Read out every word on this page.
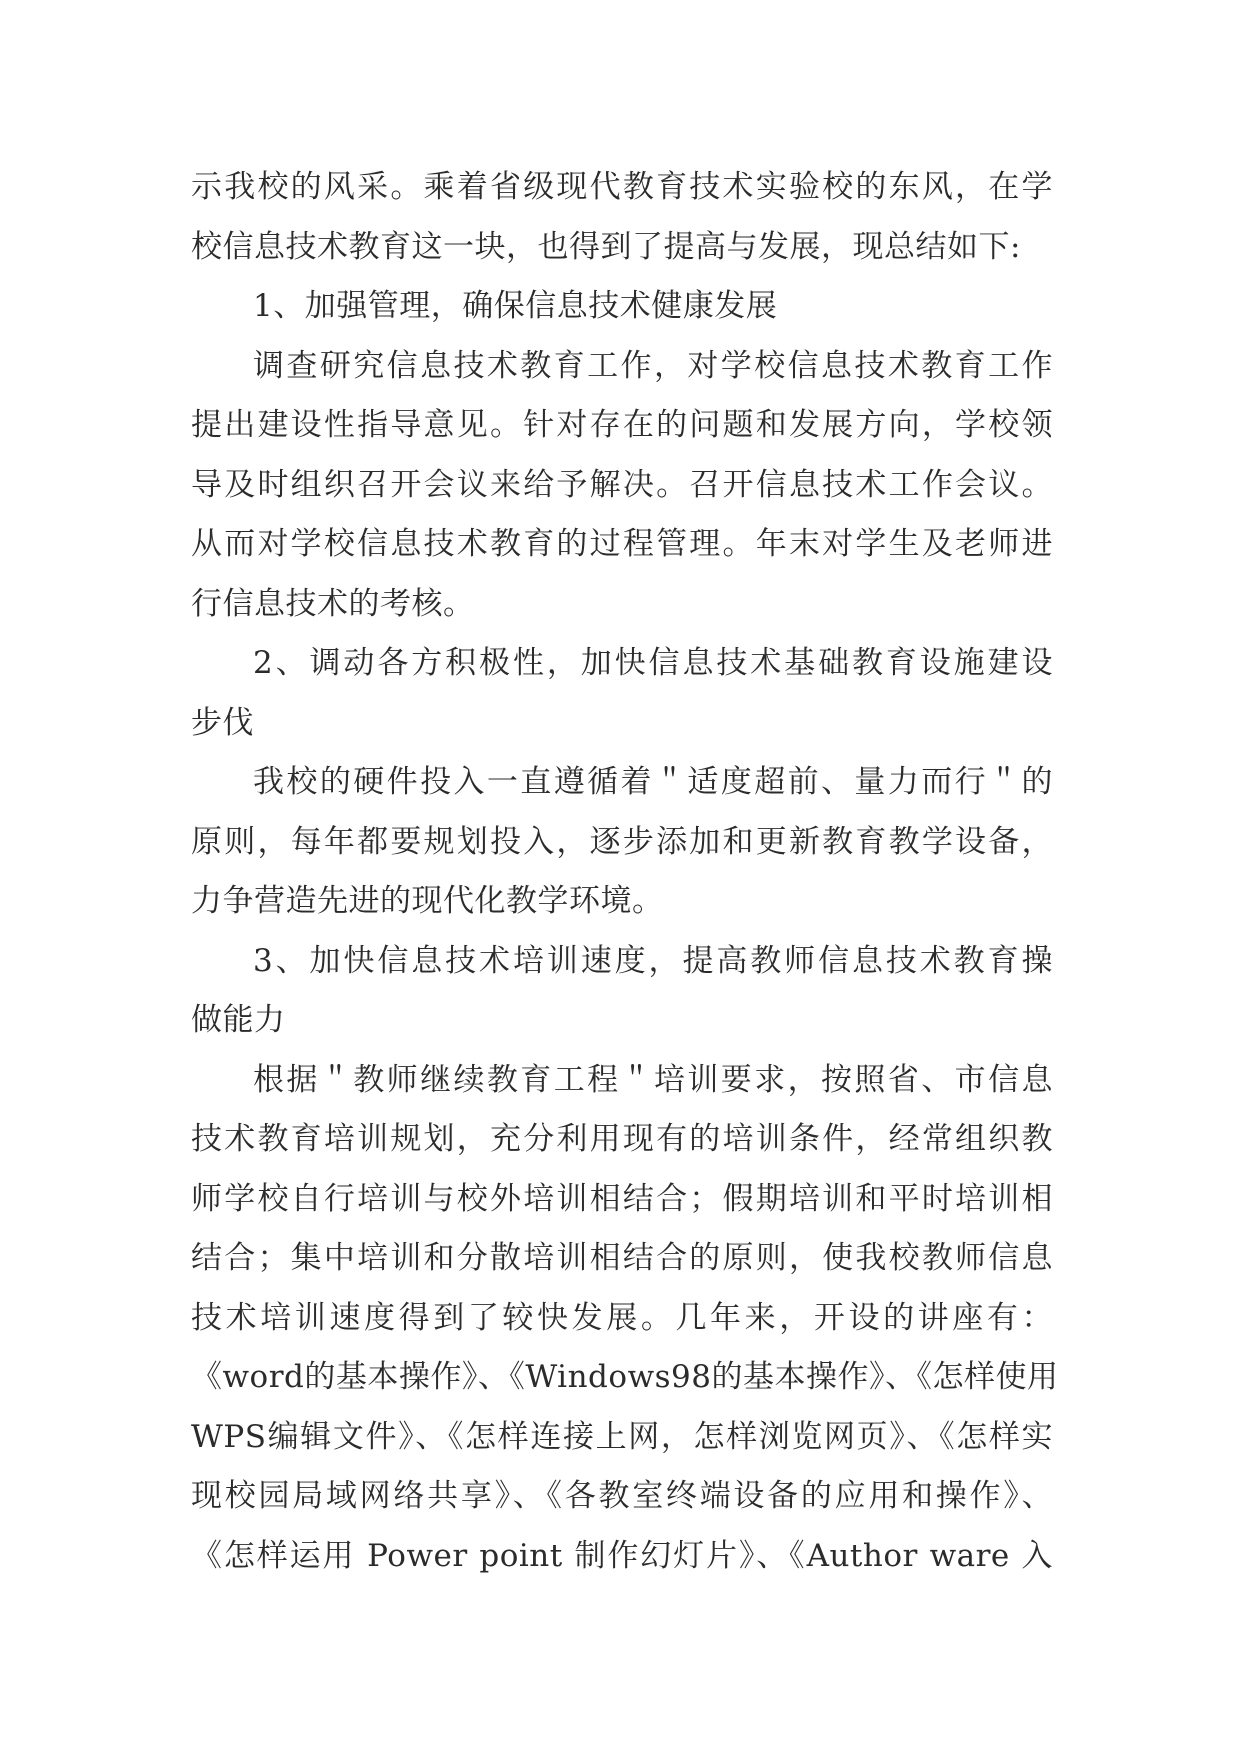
示我校的风采。乘着省级现代教育技术实验校的东风，在学
校信息技术教育这一块，也得到了提高与发展，现总结如下:
1、加强管理，确保信息技术健康发展
调查研究信息技术教育工作，对学校信息技术教育工作
提出建设性指导意见。针对存在的问题和发展方向，学校领
导及时组织召开会议来给予解决。召开信息技术工作会议。
从而对学校信息技术教育的过程管理。年末对学生及老师进
行信息技术的考核。
2、调动各方积极性，加快信息技术基础教育设施建设
步伐
我校的硬件投入一直遵循着＂适度超前、量力而行＂的
原则，每年都要规划投入，逐步添加和更新教育教学设备，
力争营造先进的现代化教学环境。
3、加快信息技术培训速度，提高教师信息技术教育操
做能力
根据＂教师继续教育工程＂培训要求，按照省、市信息
技术教育培训规划，充分利用现有的培训条件，经常组织教
师学校自行培训与校外培训相结合；假期培训和平时培训相
结合；集中培训和分散培训相结合的原则，使我校教师信息
技术培训速度得到了较快发展。几年来，开设的讲座有：
《word的基本操作》、《Windows98的基本操作》、《怎样使用
WPS编辑文件》、《怎样连接上网，怎样浏览网页》、《怎样实
现校园局域网络共享》、《各教室终端设备的应用和操作》、
《怎样运用 Power point 制作幻灯片》、《Author ware 入
